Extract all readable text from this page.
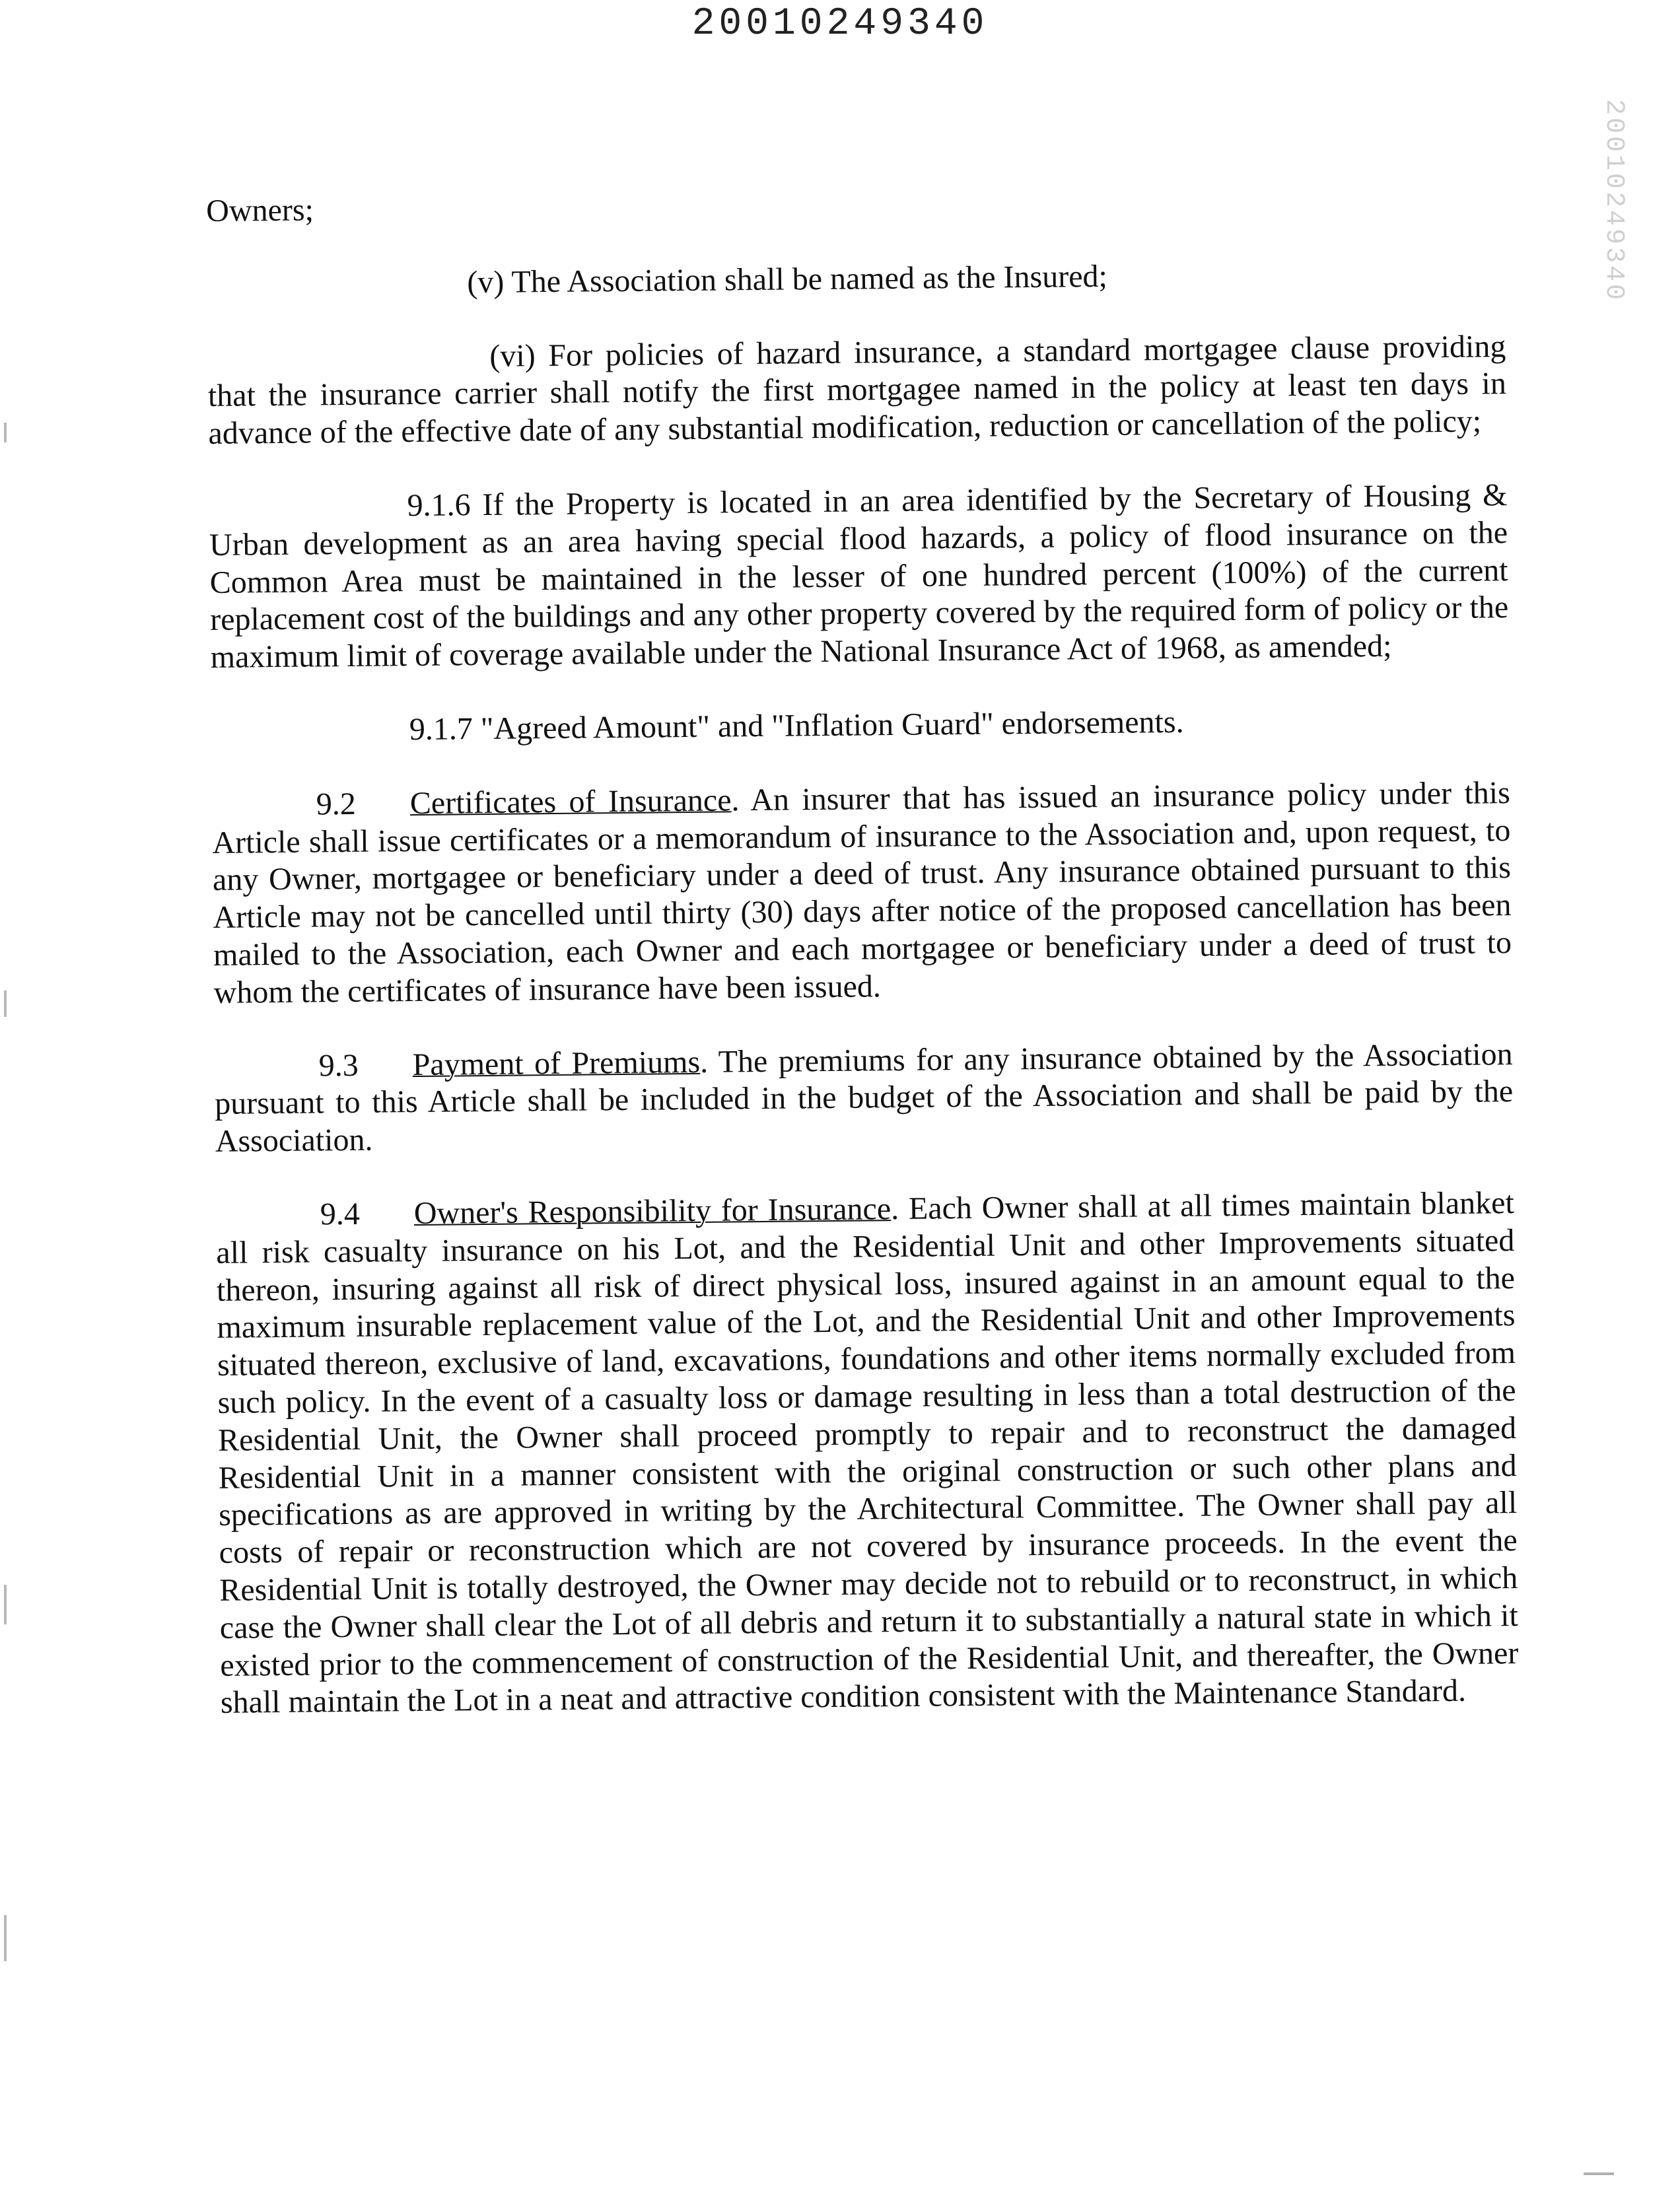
20010249340
20010249340

Owners;

(v) The Association shall be named as the Insured;

(vi) For policies of hazard insurance, a standard mortgagee clause providing that the insurance carrier shall notify the first mortgagee named in the policy at least ten days in advance of the effective date of any substantial modification, reduction or cancellation of the policy;

9.1.6 If the Property is located in an area identified by the Secretary of Housing & Urban development as an area having special flood hazards, a policy of flood insurance on the Common Area must be maintained in the lesser of one hundred percent (100%) of the current replacement cost of the buildings and any other property covered by the required form of policy or the maximum limit of coverage available under the National Insurance Act of 1968, as amended;

9.1.7 "Agreed Amount" and "Inflation Guard" endorsements.

9.2 Certificates of Insurance. An insurer that has issued an insurance policy under this Article shall issue certificates or a memorandum of insurance to the Association and, upon request, to any Owner, mortgagee or beneficiary under a deed of trust. Any insurance obtained pursuant to this Article may not be cancelled until thirty (30) days after notice of the proposed cancellation has been mailed to the Association, each Owner and each mortgagee or beneficiary under a deed of trust to whom the certificates of insurance have been issued.

9.3 Payment of Premiums. The premiums for any insurance obtained by the Association pursuant to this Article shall be included in the budget of the Association and shall be paid by the Association.

9.4 Owner's Responsibility for Insurance. Each Owner shall at all times maintain blanket all risk casualty insurance on his Lot, and the Residential Unit and other Improvements situated thereon, insuring against all risk of direct physical loss, insured against in an amount equal to the maximum insurable replacement value of the Lot, and the Residential Unit and other Improvements situated thereon, exclusive of land, excavations, foundations and other items normally excluded from such policy. In the event of a casualty loss or damage resulting in less than a total destruction of the Residential Unit, the Owner shall proceed promptly to repair and to reconstruct the damaged Residential Unit in a manner consistent with the original construction or such other plans and specifications as are approved in writing by the Architectural Committee. The Owner shall pay all costs of repair or reconstruction which are not covered by insurance proceeds. In the event the Residential Unit is totally destroyed, the Owner may decide not to rebuild or to reconstruct, in which case the Owner shall clear the Lot of all debris and return it to substantially a natural state in which it existed prior to the commencement of construction of the Residential Unit, and thereafter, the Owner shall maintain the Lot in a neat and attractive condition consistent with the Maintenance Standard.
